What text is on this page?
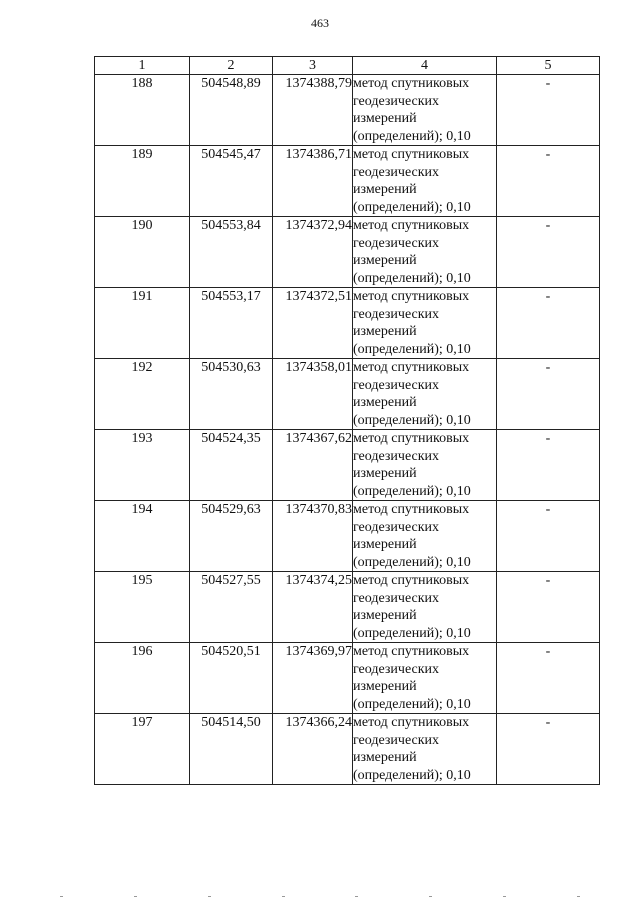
463
1	2	3	4	5
188	504548,89	1374388,79	метод спутниковых
геодезических
измерений
(определений); 0,10	-
189	504545,47	1374386,71	метод спутниковых
геодезических
измерений
(определений); 0,10	-
190	504553,84	1374372,94	метод спутниковых
геодезических
измерений
(определений); 0,10	-
191	504553,17	1374372,51	метод спутниковых
геодезических
измерений
(определений); 0,10	-
192	504530,63	1374358,01	метод спутниковых
геодезических
измерений
(определений); 0,10	-
193	504524,35	1374367,62	метод спутниковых
геодезических
измерений
(определений); 0,10	-
194	504529,63	1374370,83	метод спутниковых
геодезических
измерений
(определений); 0,10	-
195	504527,55	1374374,25	метод спутниковых
геодезических
измерений
(определений); 0,10	-
196	504520,51	1374369,97	метод спутниковых
геодезических
измерений
(определений); 0,10	-
197	504514,50	1374366,24	метод спутниковых
геодезических
измерений
(определений); 0,10	-
